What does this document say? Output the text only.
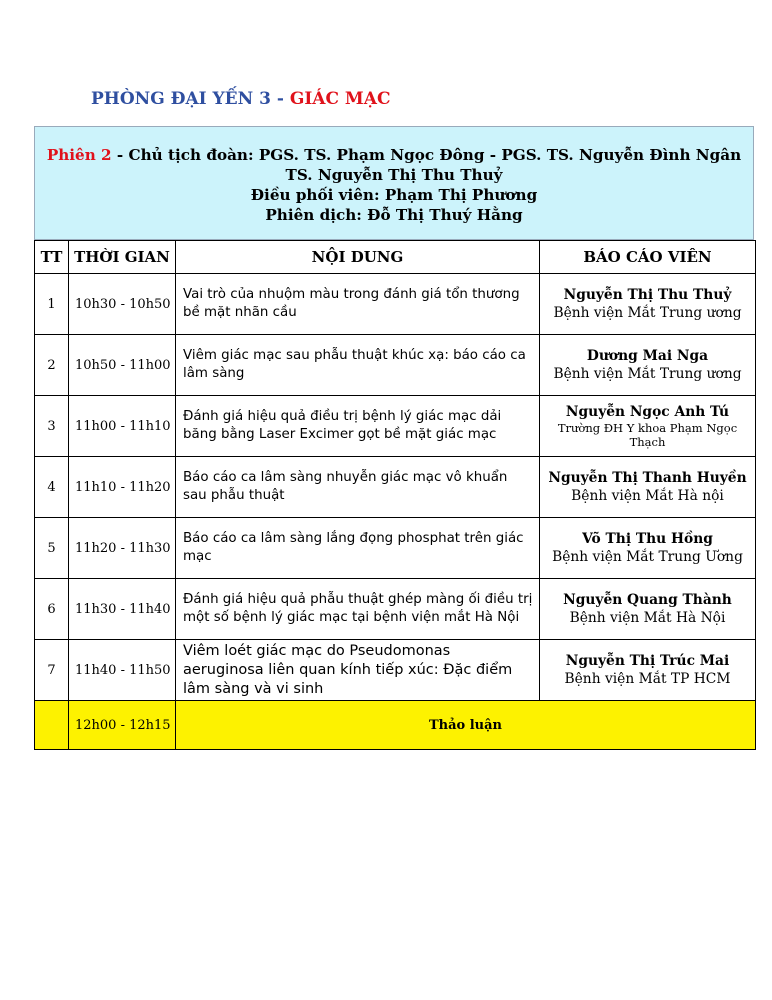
PHÒNG ĐẠI YẾN 3 - GIÁC MẠC
Phiên 2 - Chủ tịch đoàn: PGS. TS. Phạm Ngọc Đông - PGS. TS. Nguyễn Đình Ngân
TS. Nguyễn Thị Thu Thuỷ
Điều phối viên: Phạm Thị Phương
Phiên dịch: Đỗ Thị Thuý Hằng
TT	THỜI GIAN	NỘI DUNG	BÁO CÁO VIÊN
1	10h30 - 10h50	Vai trò của nhuộm màu trong đánh giá tổn thương bề mặt nhãn cầu	Nguyễn Thị Thu Thuỷ
Bệnh viện Mắt Trung ương

2	10h50 - 11h00	Viêm giác mạc sau phẫu thuật khúc xạ: báo cáo ca lâm sàng	Dương Mai Nga
Bệnh viện Mắt Trung ương

3	11h00 - 11h10	Đánh giá hiệu quả điều trị bệnh lý giác mạc dải băng bằng Laser Excimer gọt bề mặt giác mạc	Nguyễn Ngọc Anh Tú
Trường ĐH Y khoa Phạm Ngọc Thạch

4	11h10 - 11h20	Báo cáo ca lâm sàng nhuyễn giác mạc vô khuẩn sau phẫu thuật	Nguyễn Thị Thanh Huyền
Bệnh viện Mắt Hà nội

5	11h20 - 11h30	Báo cáo ca lâm sàng lắng đọng phosphat trên giác mạc	Võ Thị Thu Hồng
Bệnh viện Mắt Trung Ương

6	11h30 - 11h40	Đánh giá hiệu quả phẫu thuật ghép màng ối điều trị một số bệnh lý giác mạc tại bệnh viện mắt Hà Nội	Nguyễn Quang Thành
Bệnh viện Mắt Hà Nội

7	11h40 - 11h50	Viêm loét giác mạc do Pseudomonas aeruginosa liên quan kính tiếp xúc: Đặc điểm lâm sàng và vi sinh	Nguyễn Thị Trúc Mai
Bệnh viện Mắt TP HCM

	12h00 - 12h15	Thảo luận	
